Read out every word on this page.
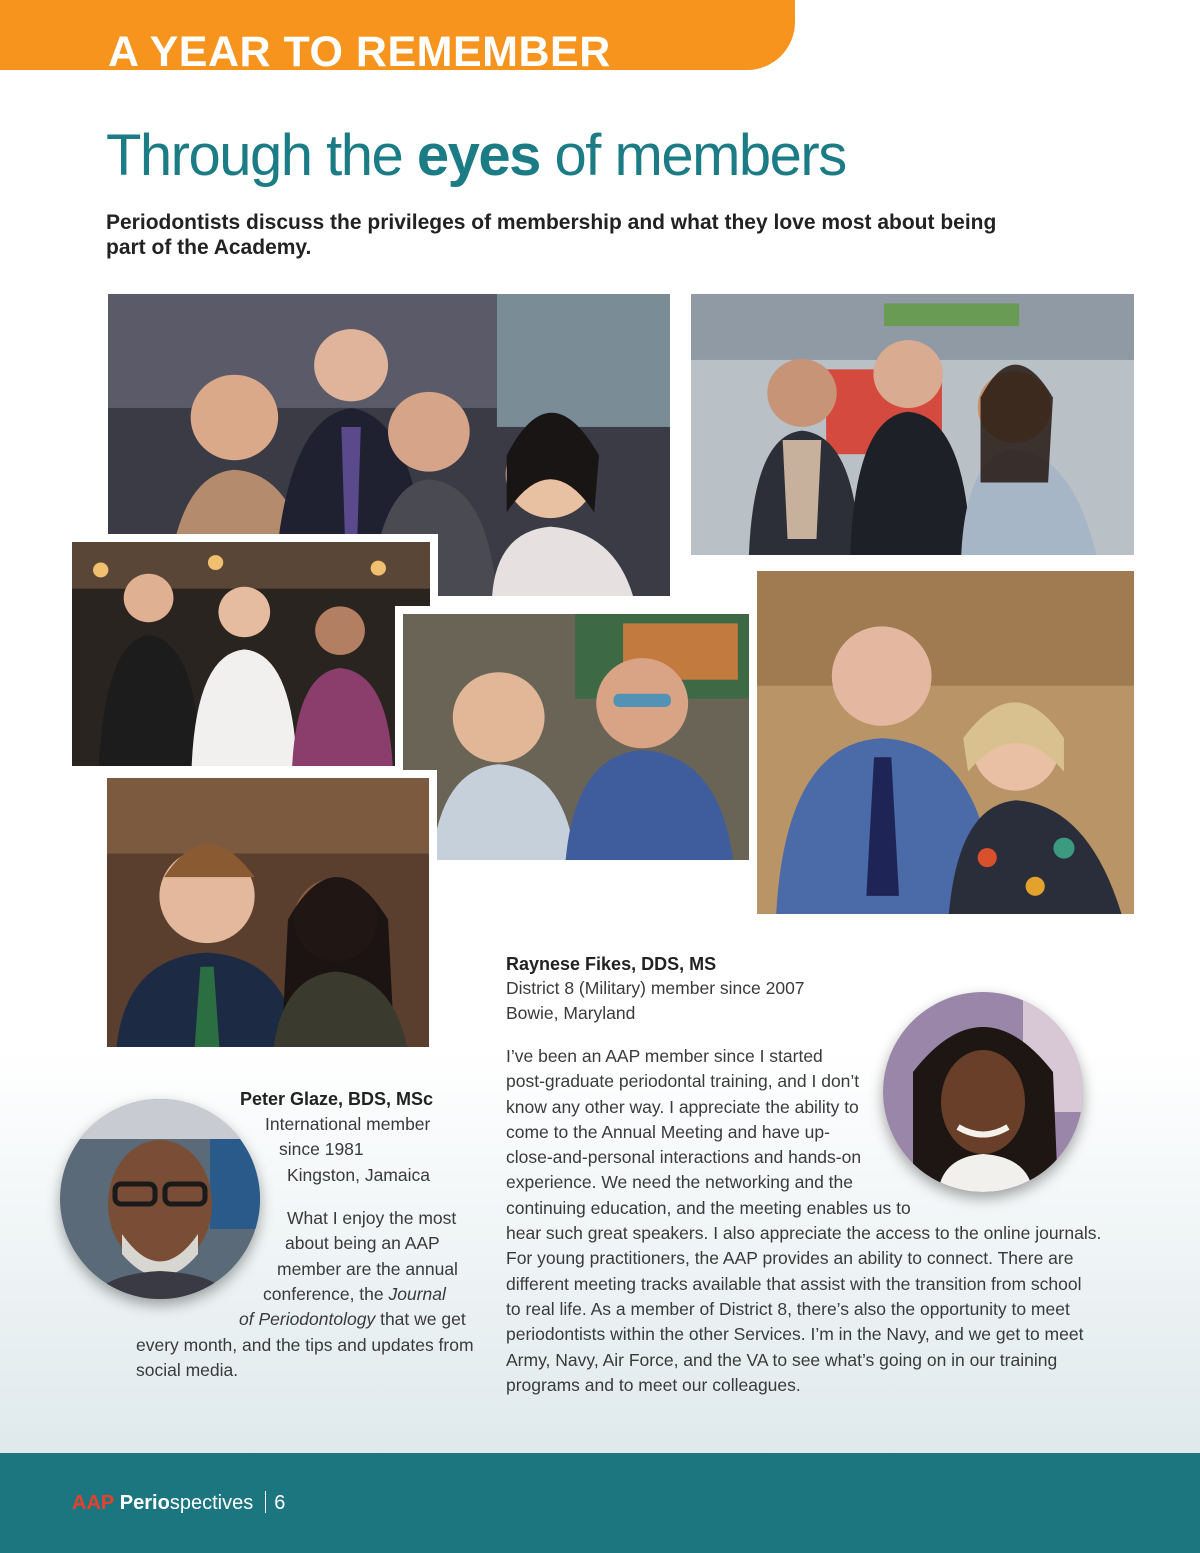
A YEAR TO REMEMBER
Through the eyes of members
Periodontists discuss the privileges of membership and what they love most about being part of the Academy.
Raynese Fikes, DDS, MS
District 8 (Military) member since 2007
Bowie, Maryland
I’ve been an AAP member since I started
post-graduate periodontal training, and I don’t
know any other way. I appreciate the ability to
come to the Annual Meeting and have up-
close-and-personal interactions and hands-on
experience. We need the networking and the
continuing education, and the meeting enables us to
hear such great speakers. I also appreciate the access to the online journals.
For young practitioners, the AAP provides an ability to connect. There are
different meeting tracks available that assist with the transition from school
to real life. As a member of District 8, there’s also the opportunity to meet
periodontists within the other Services. I’m in the Navy, and we get to meet
Army, Navy, Air Force, and the VA to see what’s going on in our training
programs and to meet our colleagues.
Peter Glaze, BDS, MSc
International member
since 1981
Kingston, Jamaica
What I enjoy the most
about being an AAP
member are the annual
conference, the Journal
of Periodontology that we get
every month, and the tips and updates from
social media.
AAP Periospectives 6
